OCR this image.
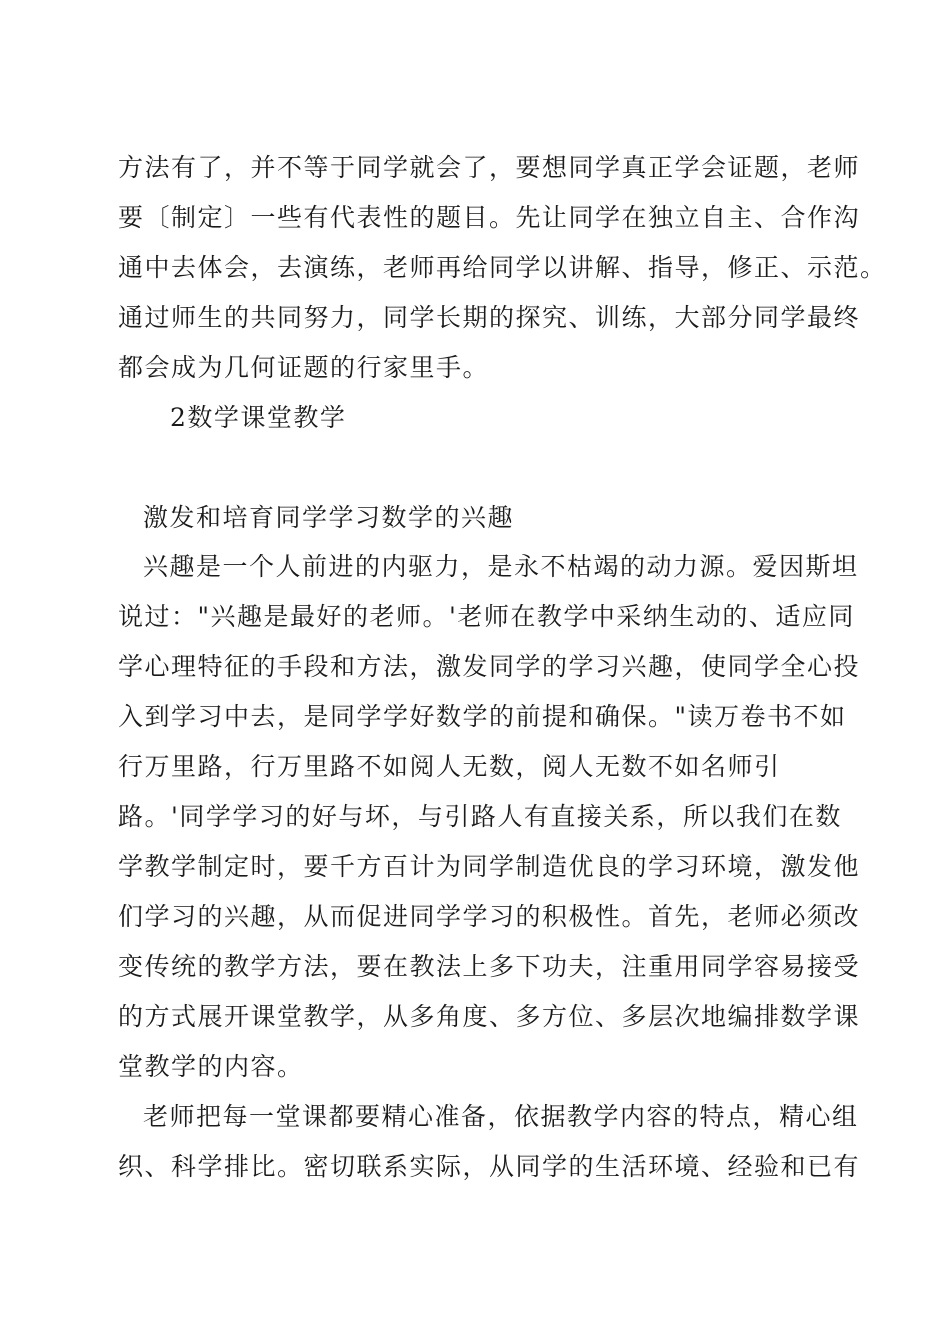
方法有了，并不等于同学就会了，要想同学真正学会证题，老师
要〔制定〕一些有代表性的题目。先让同学在独立自主、合作沟
通中去体会，去演练，老师再给同学以讲解、指导，修正、示范。
通过师生的共同努力，同学长期的探究、训练，大部分同学最终
都会成为几何证题的行家里手。
2数学课堂教学
激发和培育同学学习数学的兴趣
兴趣是一个人前进的内驱力，是永不枯竭的动力源。爱因斯坦
说过："兴趣是最好的老师。'老师在教学中采纳生动的、适应同
学心理特征的手段和方法，激发同学的学习兴趣，使同学全心投
入到学习中去，是同学学好数学的前提和确保。"读万卷书不如
行万里路，行万里路不如阅人无数，阅人无数不如名师引
路。'同学学习的好与坏，与引路人有直接关系，所以我们在数
学教学制定时，要千方百计为同学制造优良的学习环境，激发他
们学习的兴趣，从而促进同学学习的积极性。首先，老师必须改
变传统的教学方法，要在教法上多下功夫，注重用同学容易接受
的方式展开课堂教学，从多角度、多方位、多层次地编排数学课
堂教学的内容。
老师把每一堂课都要精心准备，依据教学内容的特点，精心组
织、科学排比。密切联系实际，从同学的生活环境、经验和已有
